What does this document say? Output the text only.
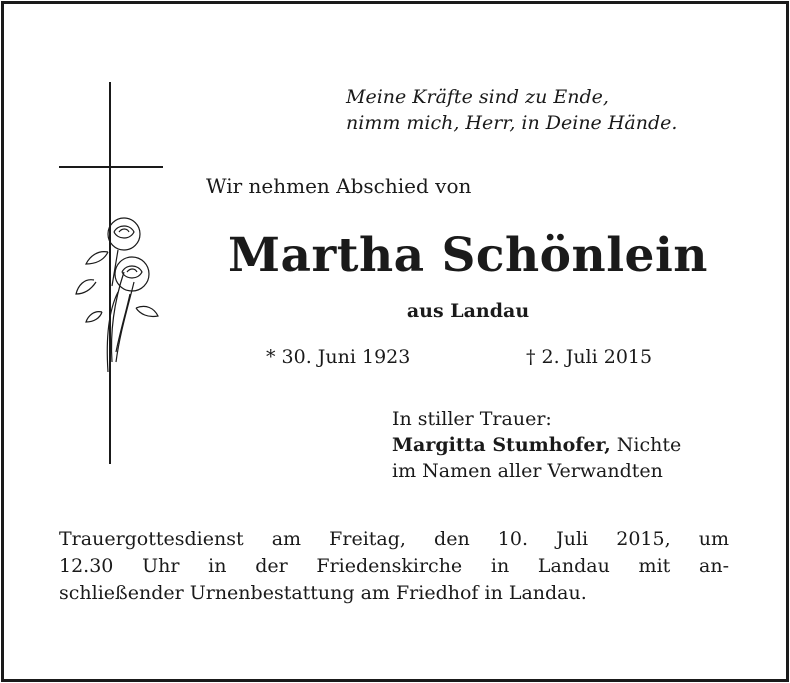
Meine Kräfte sind zu Ende,
nimm mich, Herr, in Deine Hände.
Wir nehmen Abschied von
Martha Schönlein
aus Landau
* 30. Juni 1923	† 2. Juli 2015
In stiller Trauer:
Margitta Stumhofer, Nichte
im Namen aller Verwandten
Trauergottesdienst am Freitag, den 10. Juli 2015, um
12.30 Uhr in der Friedenskirche in Landau mit an-
schließender Urnenbestattung am Friedhof in Landau.
